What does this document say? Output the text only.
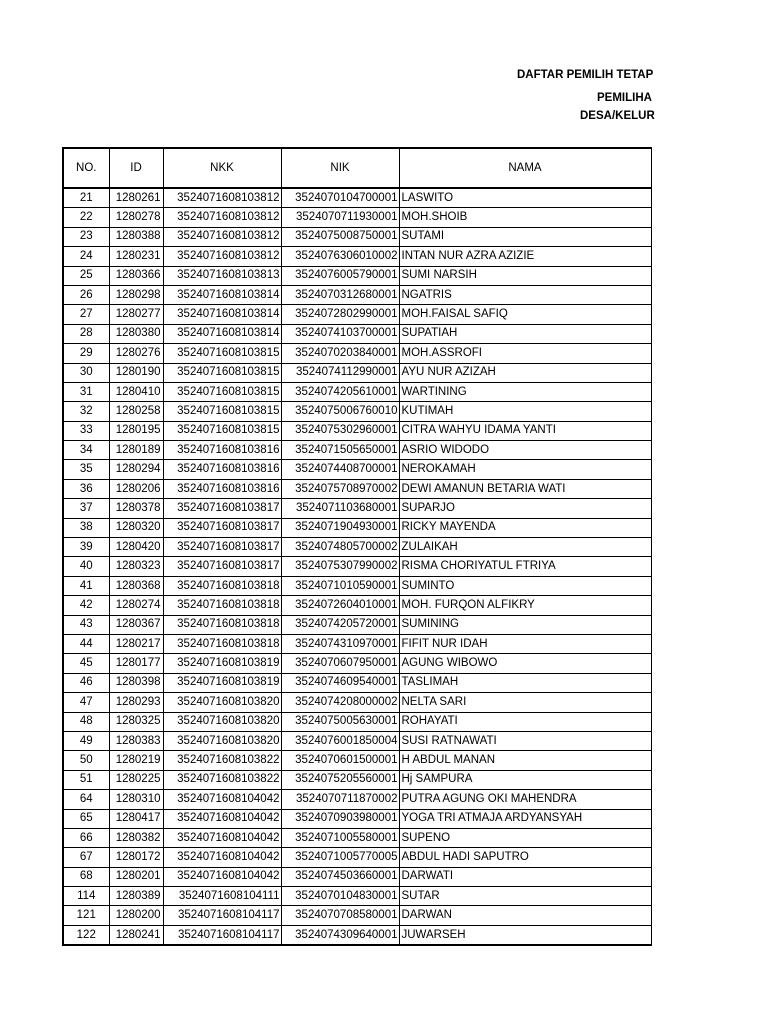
DAFTAR PEMILIH TETAP
PEMILIHA
DESA/KELUR
NO.	ID	NKK	NIK	NAMA
21	1280261	3524071608103812	3524070104700001	LASWITO
22	1280278	3524071608103812	3524070711930001	MOH.SHOIB
23	1280388	3524071608103812	3524075008750001	SUTAMI
24	1280231	3524071608103812	3524076306010002	INTAN NUR AZRA AZIZIE
25	1280366	3524071608103813	3524076005790001	SUMI NARSIH
26	1280298	3524071608103814	3524070312680001	NGATRIS
27	1280277	3524071608103814	3524072802990001	MOH.FAISAL SAFIQ
28	1280380	3524071608103814	3524074103700001	SUPATIAH
29	1280276	3524071608103815	3524070203840001	MOH.ASSROFI
30	1280190	3524071608103815	3524074112990001	AYU NUR AZIZAH
31	1280410	3524071608103815	3524074205610001	WARTINING
32	1280258	3524071608103815	3524075006760010	KUTIMAH
33	1280195	3524071608103815	3524075302960001	CITRA WAHYU IDAMA YANTI
34	1280189	3524071608103816	3524071505650001	ASRIO WIDODO
35	1280294	3524071608103816	3524074408700001	NEROKAMAH
36	1280206	3524071608103816	3524075708970002	DEWI AMANUN BETARIA WATI
37	1280378	3524071608103817	3524071103680001	SUPARJO
38	1280320	3524071608103817	3524071904930001	RICKY MAYENDA
39	1280420	3524071608103817	3524074805700002	ZULAIKAH
40	1280323	3524071608103817	3524075307990002	RISMA CHORIYATUL FTRIYA
41	1280368	3524071608103818	3524071010590001	SUMINTO
42	1280274	3524071608103818	3524072604010001	MOH. FURQON ALFIKRY
43	1280367	3524071608103818	3524074205720001	SUMINING
44	1280217	3524071608103818	3524074310970001	FIFIT NUR IDAH
45	1280177	3524071608103819	3524070607950001	AGUNG WIBOWO
46	1280398	3524071608103819	3524074609540001	TASLIMAH
47	1280293	3524071608103820	3524074208000002	NELTA SARI
48	1280325	3524071608103820	3524075005630001	ROHAYATI
49	1280383	3524071608103820	3524076001850004	SUSI RATNAWATI
50	1280219	3524071608103822	3524070601500001	H ABDUL MANAN
51	1280225	3524071608103822	3524075205560001	Hj SAMPURA
64	1280310	3524071608104042	3524070711870002	PUTRA AGUNG OKI MAHENDRA
65	1280417	3524071608104042	3524070903980001	YOGA TRI ATMAJA ARDYANSYAH
66	1280382	3524071608104042	3524071005580001	SUPENO
67	1280172	3524071608104042	3524071005770005	ABDUL HADI SAPUTRO
68	1280201	3524071608104042	3524074503660001	DARWATI
114	1280389	3524071608104111	3524070104830001	SUTAR
121	1280200	3524071608104117	3524070708580001	DARWAN
122	1280241	3524071608104117	3524074309640001	JUWARSEH
